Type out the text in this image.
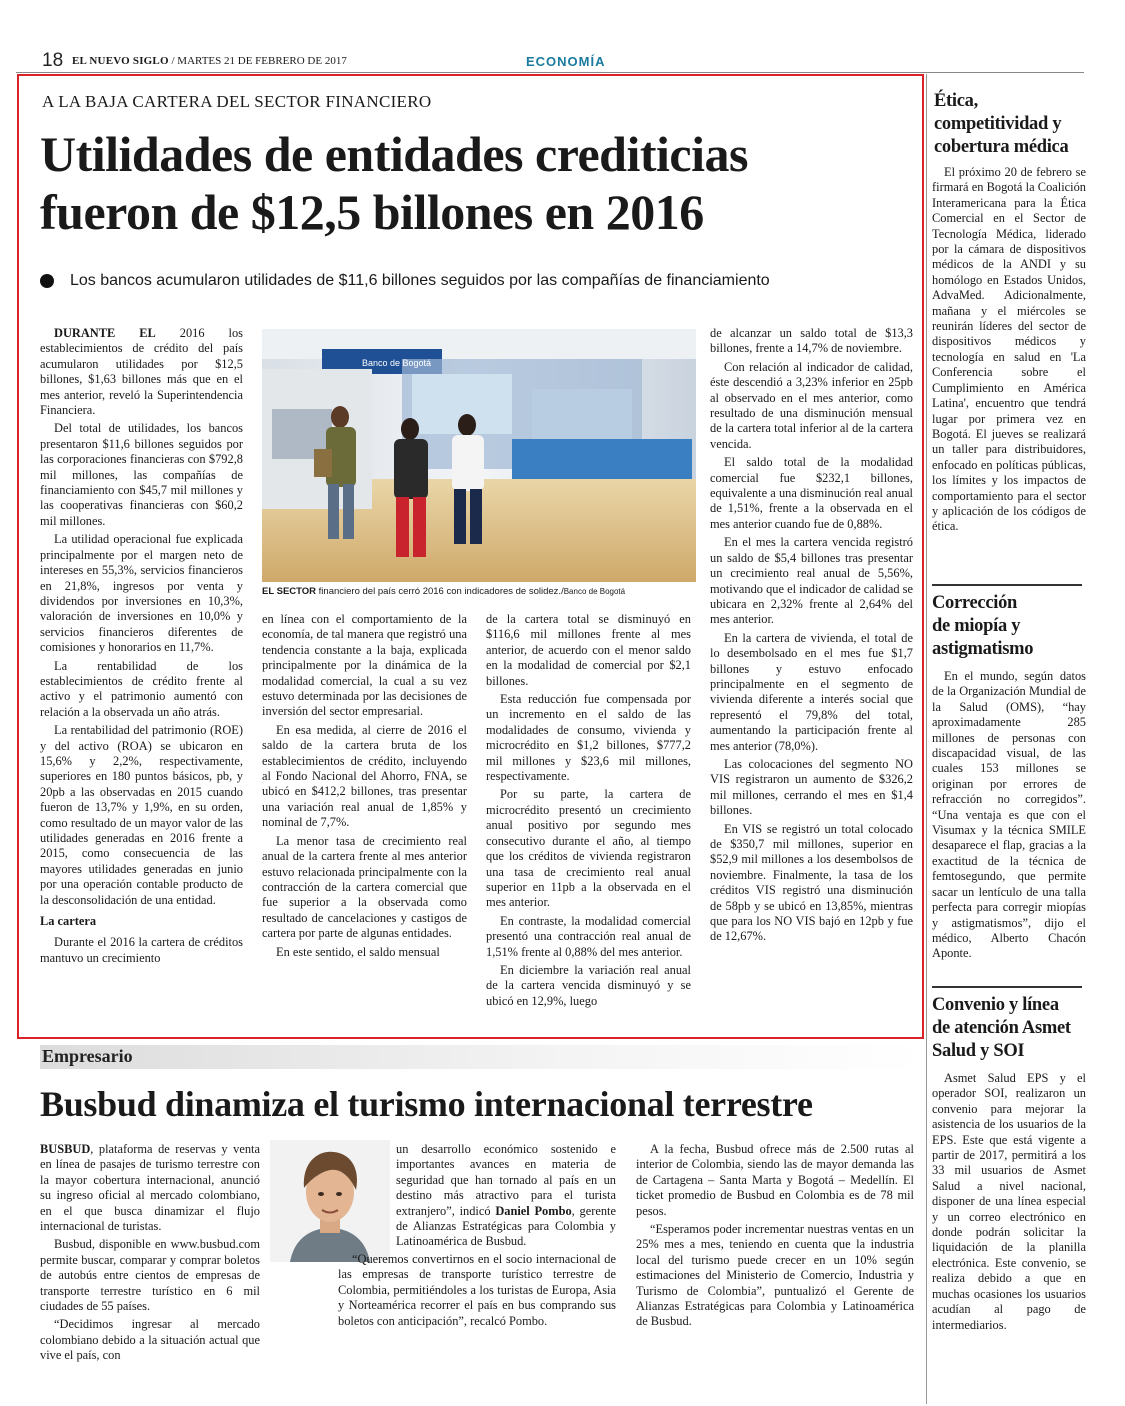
18 EL NUEVO SIGLO / MARTES 21 DE FEBRERO DE 2017	ECONOMÍA
A LA BAJA CARTERA DEL SECTOR FINANCIERO
Utilidades de entidades crediticias
fueron de $12,5 billones en 2016
Los bancos acumularon utilidades de $11,6 billones seguidos por las compañías de financiamiento

DURANTE EL 2016 los establecimientos de crédito del país acumularon utilidades por $12,5 billones, $1,63 billones más que en el mes anterior, reveló la Superintendencia Financiera.

Del total de utilidades, los bancos presentaron $11,6 billones seguidos por las corporaciones financieras con $792,8 mil millones, las compañías de financiamiento con $45,7 mil millones y las cooperativas financieras con $60,2 mil millones.

La utilidad operacional fue explicada principalmente por el margen neto de intereses en 55,3%, servicios financieros en 21,8%, ingresos por venta y dividendos por inversiones en 10,3%, valoración de inversiones en 10,0% y servicios financieros diferentes de comisiones y honorarios en 11,7%.

La rentabilidad de los establecimientos de crédito frente al activo y el patrimonio aumentó con relación a la observada un año atrás.

La rentabilidad del patrimonio (ROE) y del activo (ROA) se ubicaron en 15,6% y 2,2%, respectivamente, superiores en 180 puntos básicos, pb, y 20pb a las observadas en 2015 cuando fueron de 13,7% y 1,9%, en su orden, como resultado de un mayor valor de las utilidades generadas en 2016 frente a 2015, como consecuencia de las mayores utilidades generadas en junio por una operación contable producto de la desconsolidación de una entidad.

La cartera

Durante el 2016 la cartera de créditos mantuvo un crecimiento

Banco de Bogotá
EL SECTOR financiero del país cerró 2016 con indicadores de solidez./Banco de Bogotá

en línea con el comportamiento de la economía, de tal manera que registró una tendencia constante a la baja, explicada principalmente por la dinámica de la modalidad comercial, la cual a su vez estuvo determinada por las decisiones de inversión del sector empresarial.

En esa medida, al cierre de 2016 el saldo de la cartera bruta de los establecimientos de crédito, incluyendo al Fondo Nacional del Ahorro, FNA, se ubicó en $412,2 billones, tras presentar una variación real anual de 1,85% y nominal de 7,7%.

La menor tasa de crecimiento real anual de la cartera frente al mes anterior estuvo relacionada principalmente con la contracción de la cartera comercial que fue superior a la observada como resultado de cancelaciones y castigos de cartera por parte de algunas entidades.

En este sentido, el saldo mensual

de la cartera total se disminuyó en $116,6 mil millones frente al mes anterior, de acuerdo con el menor saldo en la modalidad de comercial por $2,1 billones.

Esta reducción fue compensada por un incremento en el saldo de las modalidades de consumo, vivienda y microcrédito en $1,2 billones, $777,2 mil millones y $23,6 mil millones, respectivamente.

Por su parte, la cartera de microcrédito presentó un crecimiento anual positivo por segundo mes consecutivo durante el año, al tiempo que los créditos de vivienda registraron una tasa de crecimiento real anual superior en 11pb a la observada en el mes anterior.

En contraste, la modalidad comercial presentó una contracción real anual de 1,51% frente al 0,88% del mes anterior.

En diciembre la variación real anual de la cartera vencida disminuyó y se ubicó en 12,9%, luego

de alcanzar un saldo total de $13,3 billones, frente a 14,7% de noviembre.

Con relación al indicador de calidad, éste descendió a 3,23% inferior en 25pb al observado en el mes anterior, como resultado de una disminución mensual de la cartera total inferior al de la cartera vencida.

El saldo total de la modalidad comercial fue $232,1 billones, equivalente a una disminución real anual de 1,51%, frente a la observada en el mes anterior cuando fue de 0,88%.

En el mes la cartera vencida registró un saldo de $5,4 billones tras presentar un crecimiento real anual de 5,56%, motivando que el indicador de calidad se ubicara en 2,32% frente al 2,64% del mes anterior.

En la cartera de vivienda, el total de lo desembolsado en el mes fue $1,7 billones y estuvo enfocado principalmente en el segmento de vivienda diferente a interés social que representó el 79,8% del total, aumentando la participación frente al mes anterior (78,0%).

Las colocaciones del segmento NO VIS registraron un aumento de $326,2 mil millones, cerrando el mes en $1,4 billones.

En VIS se registró un total colocado de $350,7 mil millones, superior en $52,9 mil millones a los desembolsos de noviembre. Finalmente, la tasa de los créditos VIS registró una disminución de 58pb y se ubicó en 13,85%, mientras que para los NO VIS bajó en 12pb y fue de 12,67%.

Ética,
competitividad y
cobertura médica

El próximo 20 de febrero se firmará en Bogotá la Coalición Interamericana para la Ética Comercial en el Sector de Tecnología Médica, liderado por la cámara de dispositivos médicos de la ANDI y su homólogo en Estados Unidos, AdvaMed. Adicionalmente, mañana y el miércoles se reunirán líderes del sector de dispositivos médicos y tecnología en salud en 'La Conferencia sobre el Cumplimiento en América Latina', encuentro que tendrá lugar por primera vez en Bogotá. El jueves se realizará un taller para distribuidores, enfocado en políticas públicas, los límites y los impactos de comportamiento para el sector y aplicación de los códigos de ética.

Corrección
de miopía y
astigmatismo

En el mundo, según datos de la Organización Mundial de la Salud (OMS), “hay aproximadamente 285 millones de personas con discapacidad visual, de las cuales 153 millones se originan por errores de refracción no corregidos”. “Una ventaja es que con el Visumax y la técnica SMILE desaparece el flap, gracias a la exactitud de la técnica de femtosegundo, que permite sacar un lentículo de una talla perfecta para corregir miopías y astigmatismos”, dijo el médico, Alberto Chacón Aponte.

Convenio y línea
de atención Asmet
Salud y SOI

Asmet Salud EPS y el operador SOI, realizaron un convenio para mejorar la asistencia de los usuarios de la EPS. Este que está vigente a partir de 2017, permitirá a los 33 mil usuarios de Asmet Salud a nivel nacional, disponer de una línea especial y un correo electrónico en donde podrán solicitar la liquidación de la planilla electrónica. Este convenio, se realiza debido a que en muchas ocasiones los usuarios acudían al pago de intermediarios.

Empresario
Busbud dinamiza el turismo internacional terrestre

BUSBUD, plataforma de reservas y venta en línea de pasajes de turismo terrestre con la mayor cobertura internacional, anunció su ingreso oficial al mercado colombiano, en el que busca dinamizar el flujo internacional de turistas.

Busbud, disponible en www.busbud.com permite buscar, comparar y comprar boletos de autobús entre cientos de empresas de transporte terrestre turístico en 6 mil ciudades de 55 países.

“Decidimos ingresar al mercado colombiano debido a la situación actual que vive el país, con

un desarrollo económico sostenido e importantes avances en materia de seguridad que han tornado al país en un destino más atractivo para el turista extranjero”, indicó Daniel Pombo, gerente de Alianzas Estratégicas para Colombia y Latinoamérica de Busbud.

“Queremos convertirnos en el socio internacional de las empresas de transporte turístico terrestre de Colombia, permitiéndoles a los turistas de Europa, Asia y Norteamérica recorrer el país en bus comprando sus boletos con anticipación”, recalcó Pombo.

A la fecha, Busbud ofrece más de 2.500 rutas al interior de Colombia, siendo las de mayor demanda las de Cartagena – Santa Marta y Bogotá – Medellín. El ticket promedio de Busbud en Colombia es de 78 mil pesos.

“Esperamos poder incrementar nuestras ventas en un 25% mes a mes, teniendo en cuenta que la industria local del turismo puede crecer en un 10% según estimaciones del Ministerio de Comercio, Industria y Turismo de Colombia”, puntualizó el Gerente de Alianzas Estratégicas para Colombia y Latinoamérica de Busbud.
